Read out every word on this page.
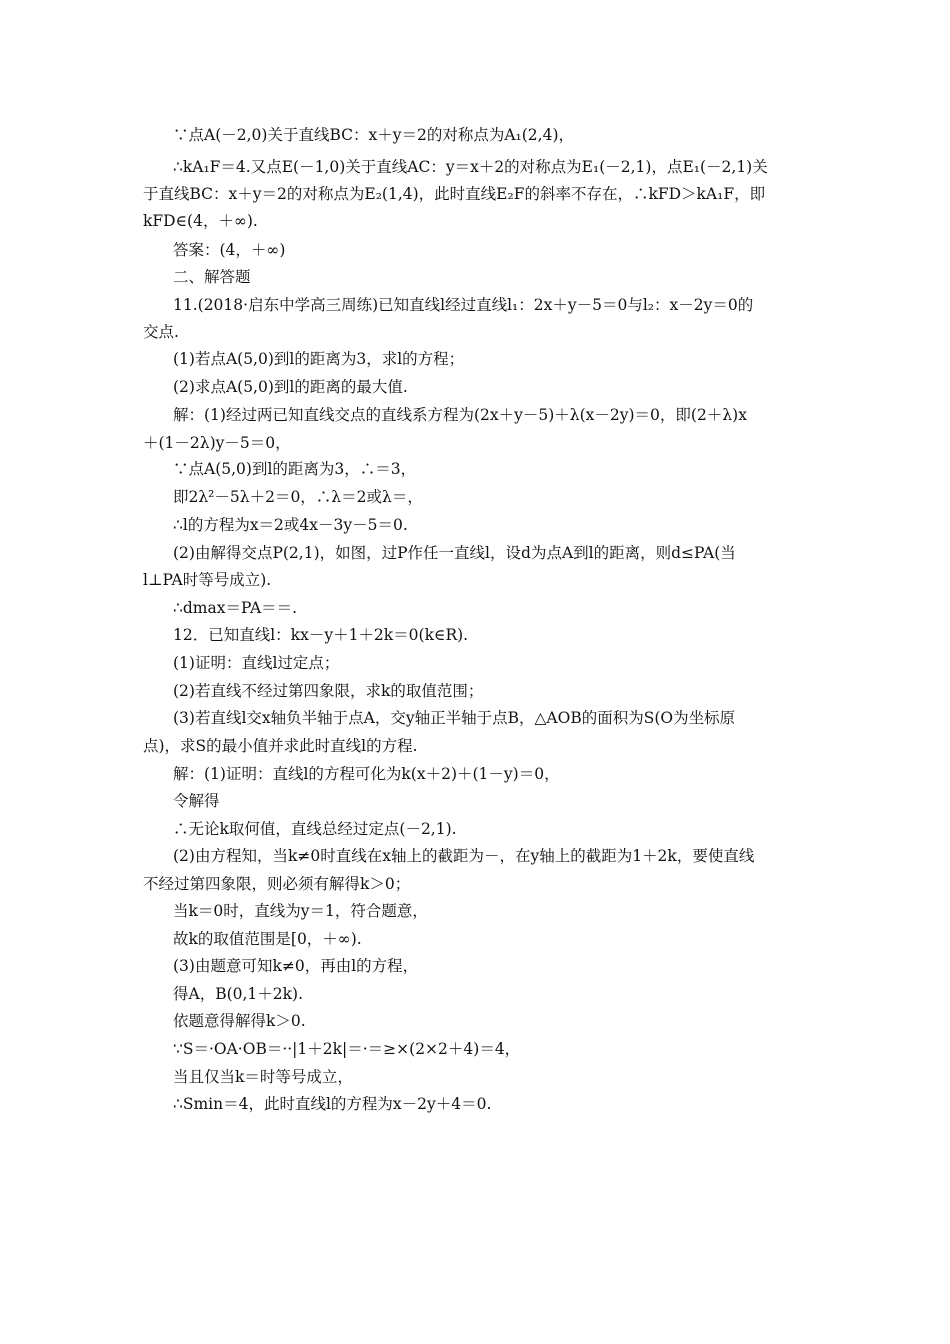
∵点A(－2,0)关于直线BC：x＋y＝2的对称点为A₁(2,4)，
∴kA₁F＝4.又点E(－1,0)关于直线AC：y＝x＋2的对称点为E₁(－2,1)，点E₁(－2,1)关
于直线BC：x＋y＝2的对称点为E₂(1,4)，此时直线E₂F的斜率不存在，∴kFD＞kA₁F，即
kFD∈(4，＋∞).
答案：(4，＋∞)
二、解答题
11.(2018·启东中学高三周练)已知直线l经过直线l₁：2x＋y－5＝0与l₂：x－2y＝0的
交点.
(1)若点A(5,0)到l的距离为3，求l的方程；
(2)求点A(5,0)到l的距离的最大值.
解：(1)经过两已知直线交点的直线系方程为(2x＋y－5)＋λ(x－2y)＝0，即(2＋λ)x
＋(1－2λ)y－5＝0，
∵点A(5,0)到l的距离为3，∴＝3，
即2λ²－5λ＋2＝0，∴λ＝2或λ＝，
∴l的方程为x＝2或4x－3y－5＝0.
(2)由解得交点P(2,1)，如图，过P作任一直线l，设d为点A到l的距离，则d≤PA(当
l⊥PA时等号成立).
∴dmax＝PA＝＝.
12．已知直线l：kx－y＋1＋2k＝0(k∈R).
(1)证明：直线l过定点；
(2)若直线不经过第四象限，求k的取值范围；
(3)若直线l交x轴负半轴于点A，交y轴正半轴于点B，△AOB的面积为S(O为坐标原
点)，求S的最小值并求此时直线l的方程.
解：(1)证明：直线l的方程可化为k(x＋2)＋(1－y)＝0，
令解得
∴无论k取何值，直线总经过定点(－2,1).
(2)由方程知，当k≠0时直线在x轴上的截距为－，在y轴上的截距为1＋2k，要使直线
不经过第四象限，则必须有解得k＞0；
当k＝0时，直线为y＝1，符合题意，
故k的取值范围是[0，＋∞).
(3)由题意可知k≠0，再由l的方程，
得A，B(0,1＋2k).
依题意得解得k＞0.
∵S＝·OA·OB＝··|1＋2k|＝·＝≥×(2×2＋4)＝4，
当且仅当k＝时等号成立，
∴Smin＝4，此时直线l的方程为x－2y＋4＝0.
